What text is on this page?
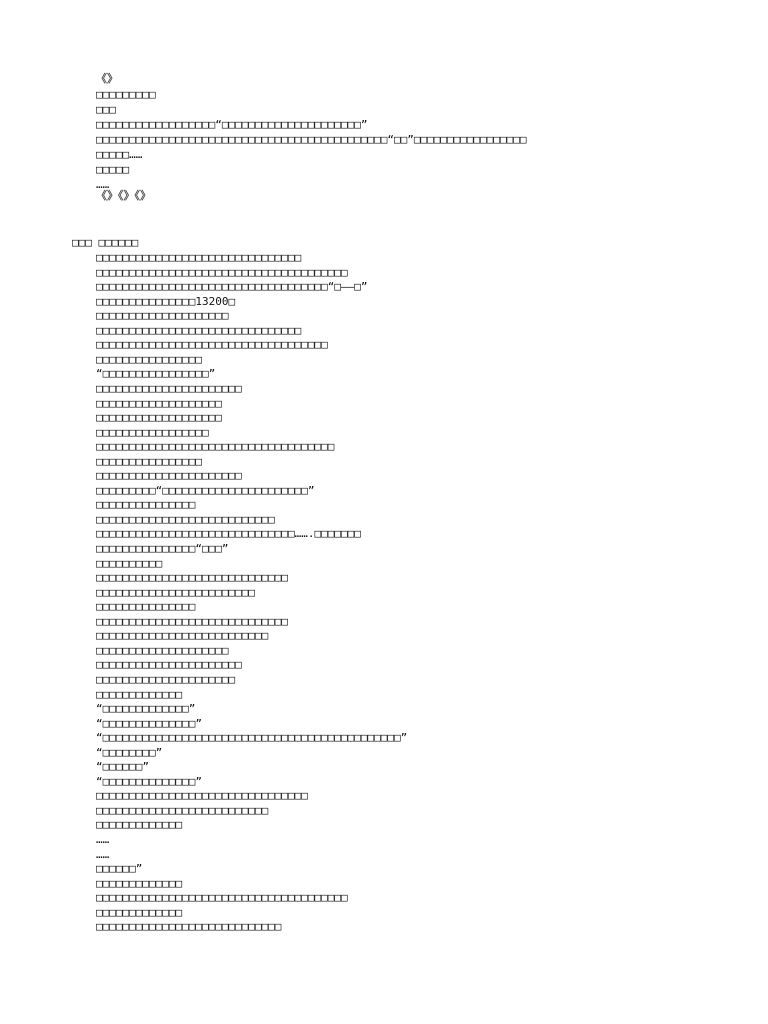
《》
□□□□□□□□□
□□□
□□□□□□□□□□□□□□□□□□“□□□□□□□□□□□□□□□□□□□□□”
□□□□□□□□□□□□□□□□□□□□□□□□□□□□□□□□□□□□□□□□□□□□“□□”□□□□□□□□□□□□□□□□□
□□□□□……
□□□□□
……
《》《》《》
□□□ □□□□□□
□□□□□□□□□□□□□□□□□□□□□□□□□□□□□□□
□□□□□□□□□□□□□□□□□□□□□□□□□□□□□□□□□□□□□□
□□□□□□□□□□□□□□□□□□□□□□□□□□□□□□□□□□□“□——□”
□□□□□□□□□□□□□□□13200□
□□□□□□□□□□□□□□□□□□□□
□□□□□□□□□□□□□□□□□□□□□□□□□□□□□□□
□□□□□□□□□□□□□□□□□□□□□□□□□□□□□□□□□□□
□□□□□□□□□□□□□□□□
“□□□□□□□□□□□□□□□□”
□□□□□□□□□□□□□□□□□□□□□□
□□□□□□□□□□□□□□□□□□□
□□□□□□□□□□□□□□□□□□□
□□□□□□□□□□□□□□□□□
□□□□□□□□□□□□□□□□□□□□□□□□□□□□□□□□□□□□
□□□□□□□□□□□□□□□□
□□□□□□□□□□□□□□□□□□□□□□
□□□□□□□□□“□□□□□□□□□□□□□□□□□□□□□□”
□□□□□□□□□□□□□□□
□□□□□□□□□□□□□□□□□□□□□□□□□□□
□□□□□□□□□□□□□□□□□□□□□□□□□□□□□□…….□□□□□□□
□□□□□□□□□□□□□□□“□□□”
□□□□□□□□□□
□□□□□□□□□□□□□□□□□□□□□□□□□□□□□
□□□□□□□□□□□□□□□□□□□□□□□□
□□□□□□□□□□□□□□□
□□□□□□□□□□□□□□□□□□□□□□□□□□□□□
□□□□□□□□□□□□□□□□□□□□□□□□□□
□□□□□□□□□□□□□□□□□□□□
□□□□□□□□□□□□□□□□□□□□□□
□□□□□□□□□□□□□□□□□□□□□
□□□□□□□□□□□□□
“□□□□□□□□□□□□□”
“□□□□□□□□□□□□□□”
“□□□□□□□□□□□□□□□□□□□□□□□□□□□□□□□□□□□□□□□□□□□□□”
“□□□□□□□□”
“□□□□□□”
“□□□□□□□□□□□□□□”
□□□□□□□□□□□□□□□□□□□□□□□□□□□□□□□□
□□□□□□□□□□□□□□□□□□□□□□□□□□
□□□□□□□□□□□□□
……
……
□□□□□□”
□□□□□□□□□□□□□
□□□□□□□□□□□□□□□□□□□□□□□□□□□□□□□□□□□□□□
□□□□□□□□□□□□□
□□□□□□□□□□□□□□□□□□□□□□□□□□□□
